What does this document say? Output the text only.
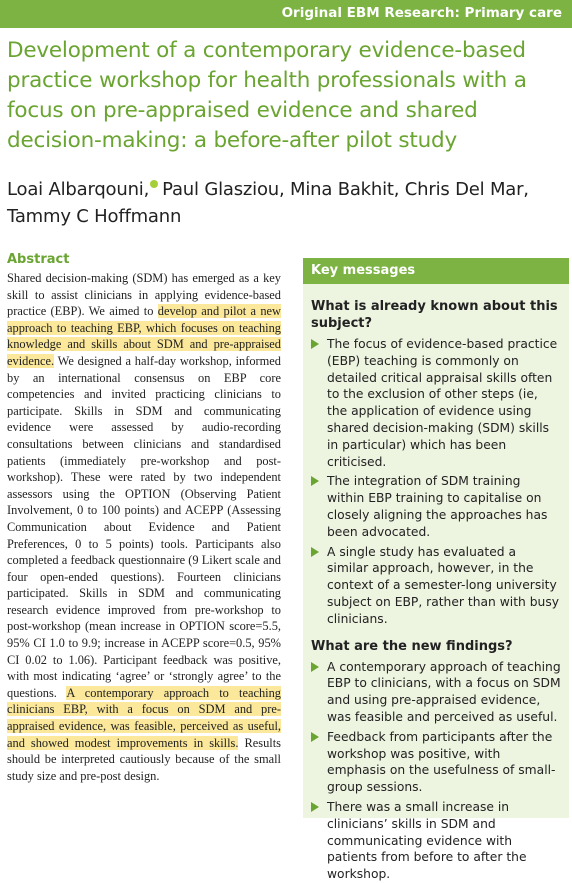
Original EBM Research: Primary care
Development of a contemporary evidence-based practice workshop for health professionals with a focus on pre-appraised evidence and shared decision-making: a before-after pilot study
Loai Albarqouni, Paul Glasziou, Mina Bakhit, Chris Del Mar, Tammy C Hoffmann
Abstract
Shared decision-making (SDM) has emerged as a key skill to assist clinicians in applying evidence-based practice (EBP). We aimed to develop and pilot a new approach to teaching EBP, which focuses on teaching knowledge and skills about SDM and pre-appraised evidence. We designed a half-day workshop, informed by an international consensus on EBP core competencies and invited practicing clinicians to participate. Skills in SDM and communicating evidence were assessed by audio-recording consultations between clinicians and standardised patients (immediately pre-workshop and post-workshop). These were rated by two independent assessors using the OPTION (Observing Patient Involvement, 0 to 100 points) and ACEPP (Assessing Communication about Evidence and Patient Preferences, 0 to 5 points) tools. Participants also completed a feedback questionnaire (9 Likert scale and four open-ended questions). Fourteen clinicians participated. Skills in SDM and communicating research evidence improved from pre-workshop to post-workshop (mean increase in OPTION score=5.5, 95% CI 1.0 to 9.9; increase in ACEPP score=0.5, 95% CI 0.02 to 1.06). Participant feedback was positive, with most indicating ‘agree’ or ‘strongly agree’ to the questions. A contemporary approach to teaching clinicians EBP, with a focus on SDM and pre-appraised evidence, was feasible, perceived as useful, and showed modest improvements in skills. Results should be interpreted cautiously because of the small study size and pre-post design.
Key messages

What is already known about this subject?

The focus of evidence-based practice (EBP) teaching is commonly on detailed critical appraisal skills often to the exclusion of other steps (ie, the application of evidence using shared decision-making (SDM) skills in particular) which has been criticised.
The integration of SDM training within EBP training to capitalise on closely aligning the approaches has been advocated.
A single study has evaluated a similar approach, however, in the context of a semester-long university subject on EBP, rather than with busy clinicians.

What are the new findings?

A contemporary approach of teaching EBP to clinicians, with a focus on SDM and using pre-appraised evidence, was feasible and perceived as useful.
Feedback from participants after the workshop was positive, with emphasis on the usefulness of small-group sessions.
There was a small increase in clinicians’ skills in SDM and communicating evidence with patients from before to after the workshop.
